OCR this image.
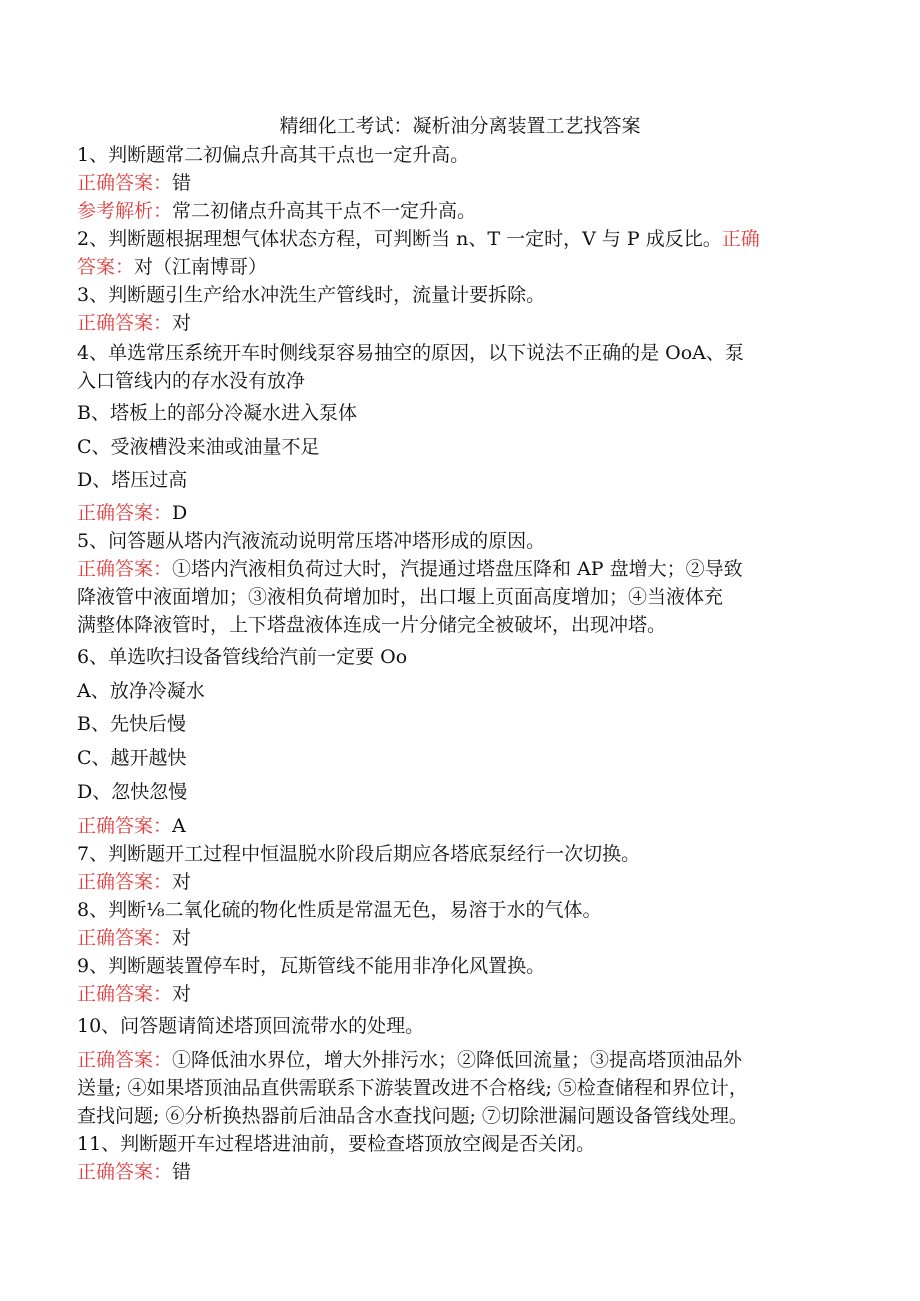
精细化工考试：凝析油分离装置工艺找答案
1、判断题常二初偏点升高其干点也一定升高。
正确答案：错
参考解析：常二初储点升高其干点不一定升高。
2、判断题根据理想气体状态方程，可判断当 n、T 一定时，V 与 P 成反比。正确
答案：对（江南博哥）
3、判断题引生产给水冲洗生产管线时，流量计要拆除。
正确答案：对
4、单选常压系统开车时侧线泵容易抽空的原因，以下说法不正确的是 OoA、泵
入口管线内的存水没有放净
B、塔板上的部分冷凝水进入泵体
C、受液槽没来油或油量不足
D、塔压过高
正确答案：D
5、问答题从塔内汽液流动说明常压塔冲塔形成的原因。
正确答案：①塔内汽液相负荷过大时，汽提通过塔盘压降和 AP 盘增大；②导致
降液管中液面增加；③液相负荷增加时，出口堰上页面高度增加；④当液体充
满整体降液管时，上下塔盘液体连成一片分储完全被破坏，出现冲塔。
6、单选吹扫设备管线给汽前一定要 Oo
A、放净冷凝水
B、先快后慢
C、越开越快
D、忽快忽慢
正确答案：A
7、判断题开工过程中恒温脱水阶段后期应各塔底泵经行一次切换。
正确答案：对
8、判断⅛二氧化硫的物化性质是常温无色，易溶于水的气体。
正确答案：对
9、判断题装置停车时，瓦斯管线不能用非净化风置换。
正确答案：对
10、问答题请简述塔顶回流带水的处理。
正确答案：①降低油水界位，增大外排污水；②降低回流量；③提高塔顶油品外
送量; ④如果塔顶油品直供需联系下游装置改进不合格线; ⑤检查储程和界位计，
查找问题; ⑥分析换热器前后油品含水查找问题; ⑦切除泄漏问题设备管线处理。
11、判断题开车过程塔进油前，要检查塔顶放空阀是否关闭。
正确答案：错
